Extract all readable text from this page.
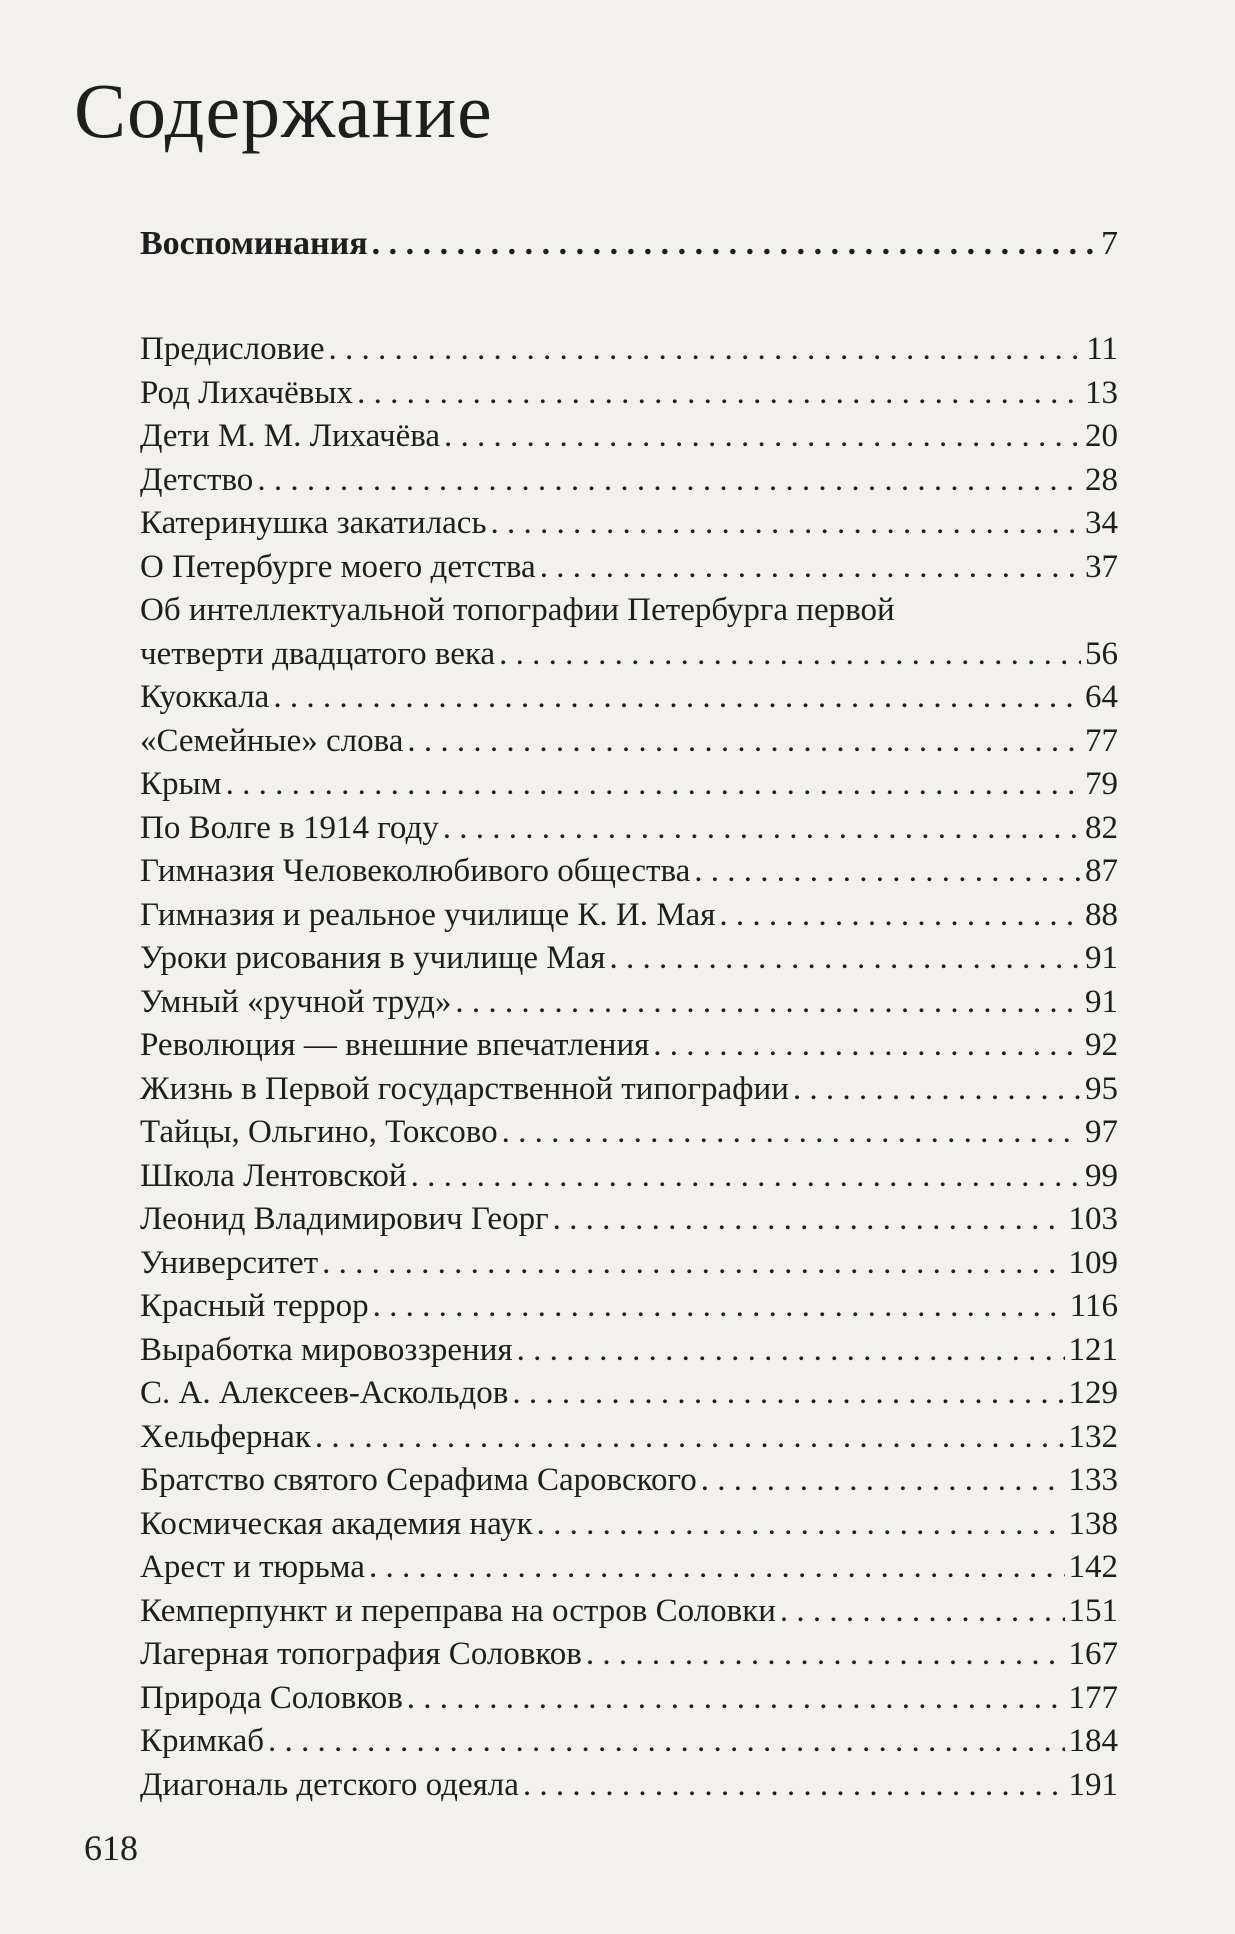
Содержание
Воспоминания . . .	7
Предисловие . . .	11
Род Лихачёвых . . .	13
Дети М. М. Лихачёва . . .	20
Детство . . .	28
Катеринушка закатилась . . .	34
О Петербурге моего детства . . .	37
Об интеллектуальной топографии Петербурга первой
четверти двадцатого века . . .	56
Куоккала . . .	64
«Семейные» слова . . .	77
Крым . . .	79
По Волге в 1914 году . . .	82
Гимназия Человеколюбивого общества . . .	87
Гимназия и реальное училище К. И. Мая . . .	88
Уроки рисования в училище Мая . . .	91
Умный «ручной труд» . . .	91
Революция — внешние впечатления . . .	92
Жизнь в Первой государственной типографии . . .	95
Тайцы, Ольгино, Токсово . . .	97
Школа Лентовской . . .	99
Леонид Владимирович Георг . . .	103
Университет . . .	109
Красный террор . . .	116
Выработка мировоззрения . . .	121
С. А. Алексеев-Аскольдов . . .	129
Хельфернак . . .	132
Братство святого Серафима Саровского . . .	133
Космическая академия наук . . .	138
Арест и тюрьма . . .	142
Кемперпункт и переправа на остров Соловки . . .	151
Лагерная топография Соловков . . .	167
Природа Соловков . . .	177
Кримкаб . . .	184
Диагональ детского одеяла . . .	191
618
